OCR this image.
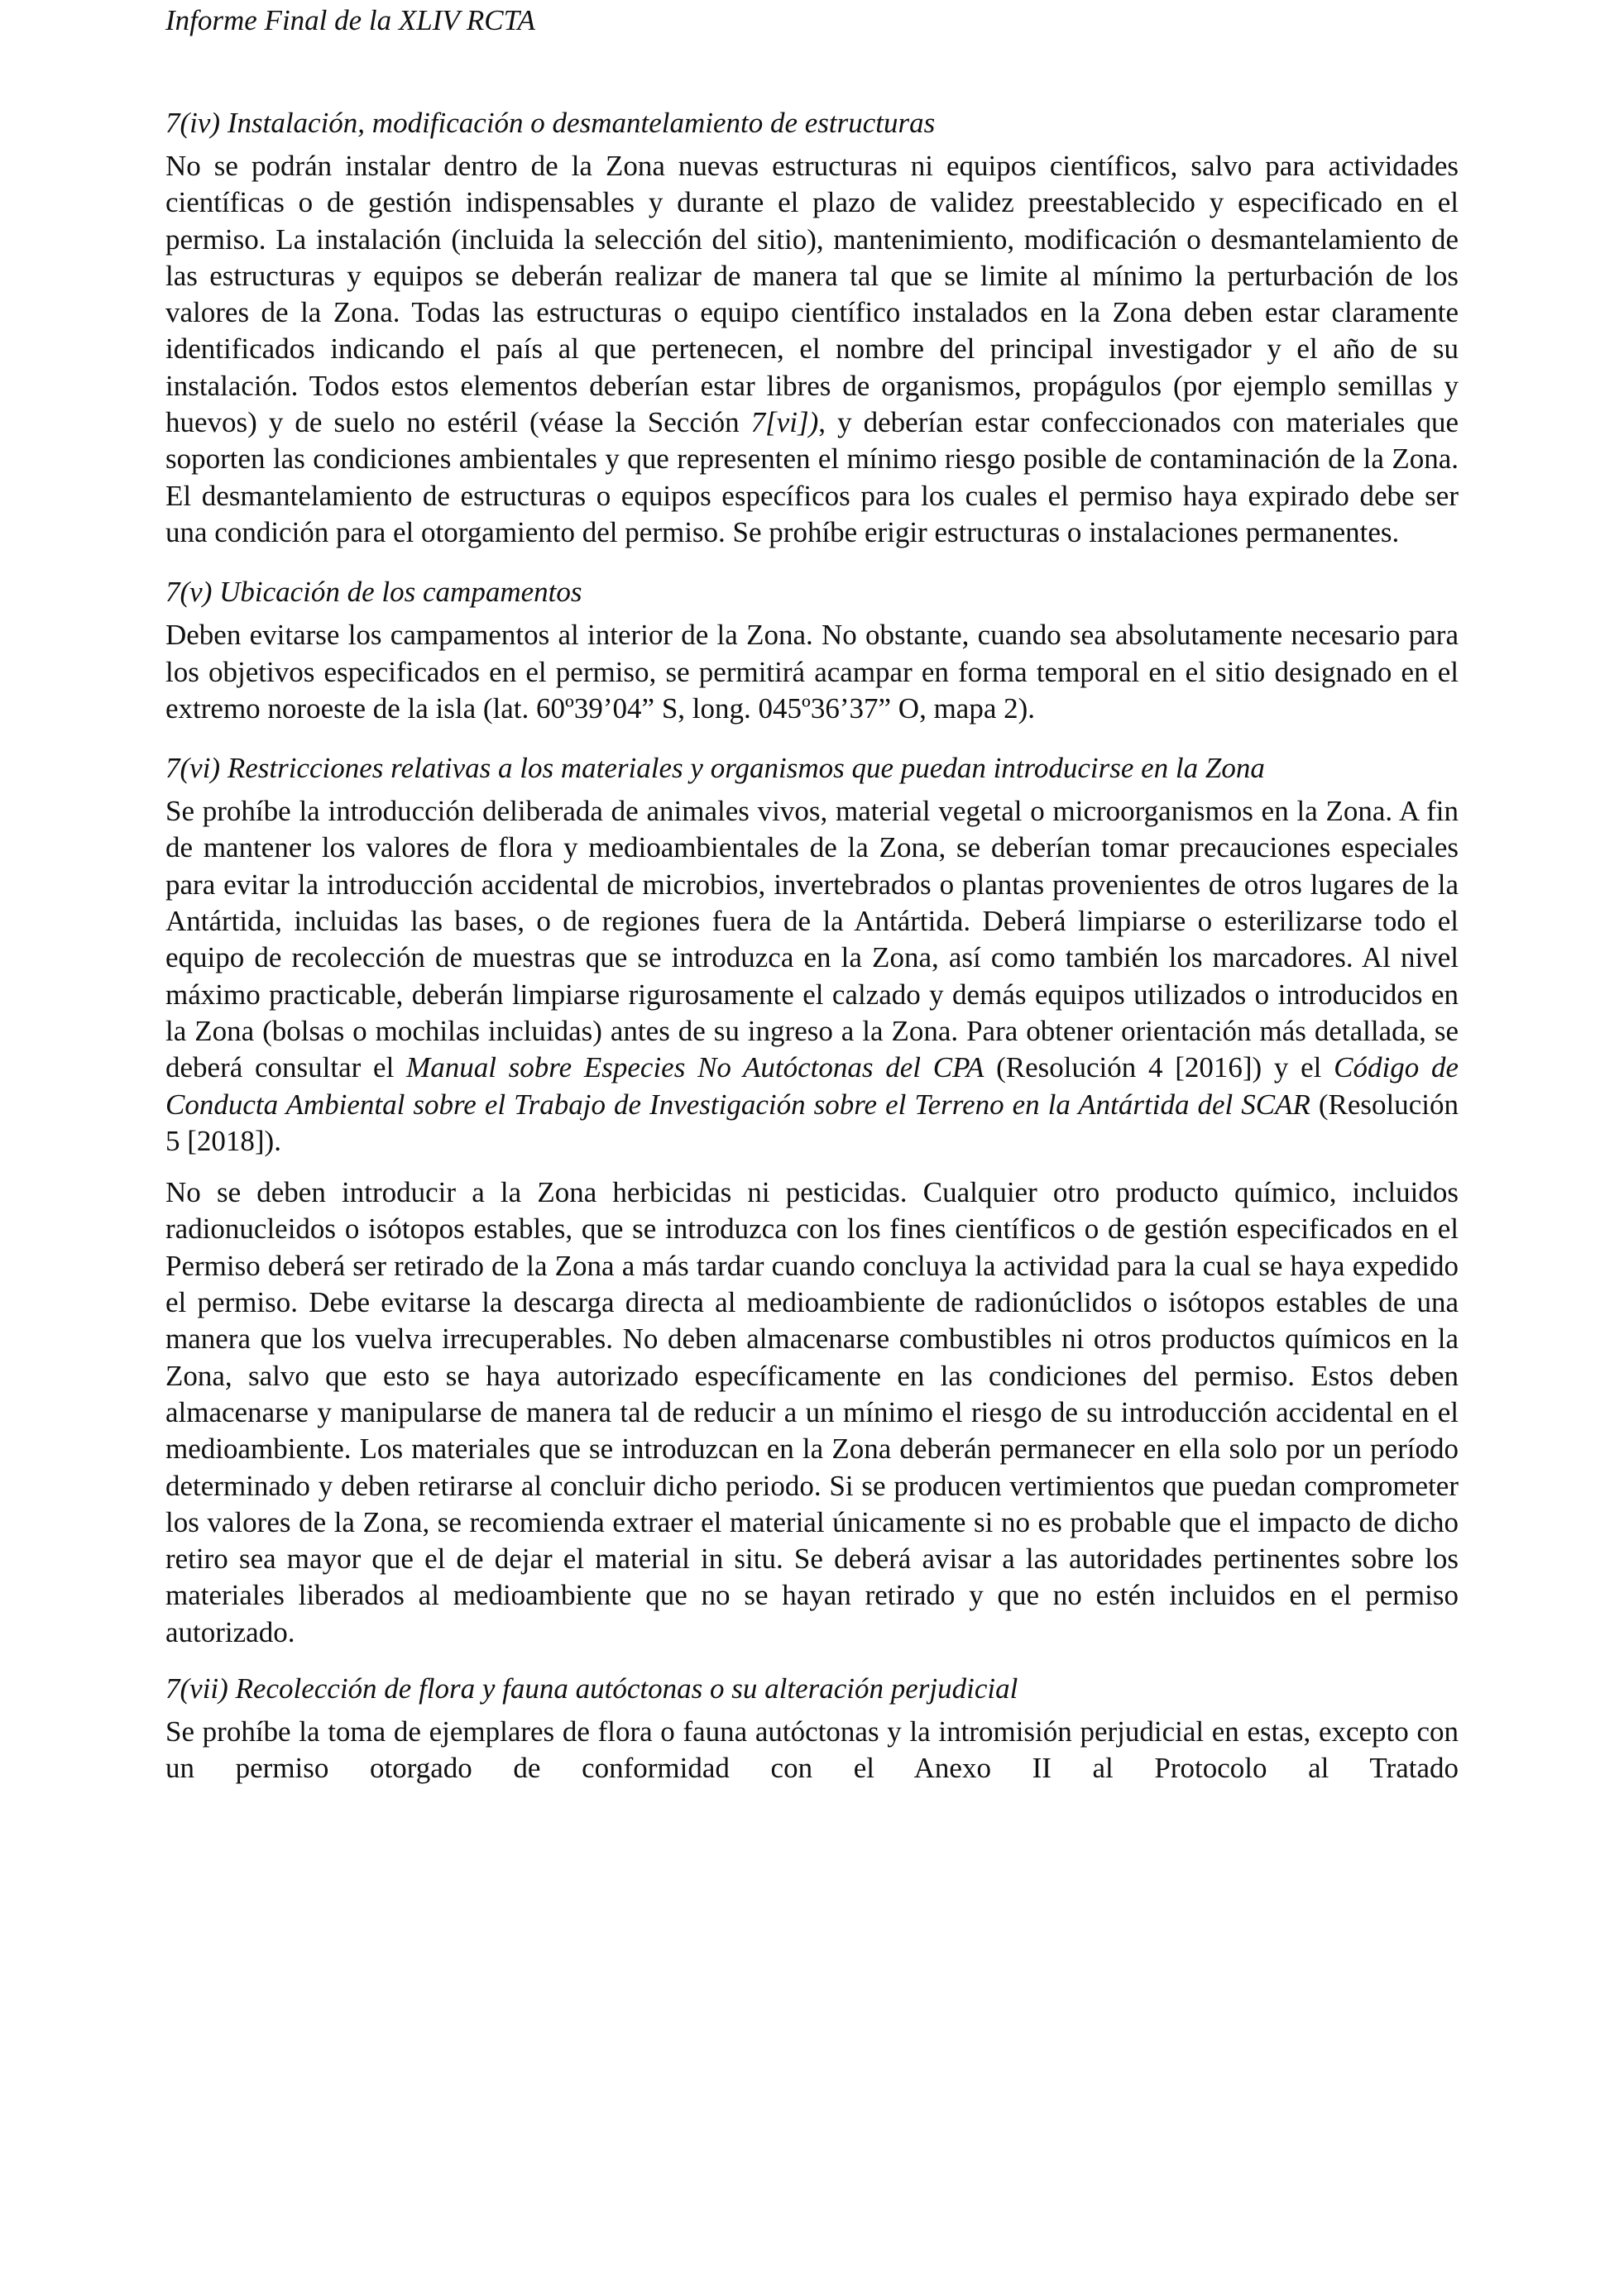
Informe Final de la XLIV RCTA
7(iv) Instalación, modificación o desmantelamiento de estructuras
No se podrán instalar dentro de la Zona nuevas estructuras ni equipos científicos, salvo para actividades científicas o de gestión indispensables y durante el plazo de validez preestablecido y especificado en el permiso. La instalación (incluida la selección del sitio), mantenimiento, modificación o desmantelamiento de las estructuras y equipos se deberán realizar de manera tal que se limite al mínimo la perturbación de los valores de la Zona. Todas las estructuras o equipo científico instalados en la Zona deben estar claramente identificados indicando el país al que pertenecen, el nombre del principal investigador y el año de su instalación. Todos estos elementos deberían estar libres de organismos, propágulos (por ejemplo semillas y huevos) y de suelo no estéril (véase la Sección 7[vi]), y deberían estar confeccionados con materiales que soporten las condiciones ambientales y que representen el mínimo riesgo posible de contaminación de la Zona. El desmantelamiento de estructuras o equipos específicos para los cuales el permiso haya expirado debe ser una condición para el otorgamiento del permiso. Se prohíbe erigir estructuras o instalaciones permanentes.
7(v) Ubicación de los campamentos
Deben evitarse los campamentos al interior de la Zona. No obstante, cuando sea absolutamente necesario para los objetivos especificados en el permiso, se permitirá acampar en forma temporal en el sitio designado en el extremo noroeste de la isla (lat. 60º39’04” S, long. 045º36’37” O, mapa 2).
7(vi) Restricciones relativas a los materiales y organismos que puedan introducirse en la Zona
Se prohíbe la introducción deliberada de animales vivos, material vegetal o microorganismos en la Zona. A fin de mantener los valores de flora y medioambientales de la Zona, se deberían tomar precauciones especiales para evitar la introducción accidental de microbios, invertebrados o plantas provenientes de otros lugares de la Antártida, incluidas las bases, o de regiones fuera de la Antártida. Deberá limpiarse o esterilizarse todo el equipo de recolección de muestras que se introduzca en la Zona, así como también los marcadores. Al nivel máximo practicable, deberán limpiarse rigurosamente el calzado y demás equipos utilizados o introducidos en la Zona (bolsas o mochilas incluidas) antes de su ingreso a la Zona. Para obtener orientación más detallada, se deberá consultar el Manual sobre Especies No Autóctonas del CPA (Resolución 4 [2016]) y el Código de Conducta Ambiental sobre el Trabajo de Investigación sobre el Terreno en la Antártida del SCAR (Resolución 5 [2018]).
No se deben introducir a la Zona herbicidas ni pesticidas. Cualquier otro producto químico, incluidos radionucleidos o isótopos estables, que se introduzca con los fines científicos o de gestión especificados en el Permiso deberá ser retirado de la Zona a más tardar cuando concluya la actividad para la cual se haya expedido el permiso. Debe evitarse la descarga directa al medioambiente de radionúclidos o isótopos estables de una manera que los vuelva irrecuperables. No deben almacenarse combustibles ni otros productos químicos en la Zona, salvo que esto se haya autorizado específicamente en las condiciones del permiso. Estos deben almacenarse y manipularse de manera tal de reducir a un mínimo el riesgo de su introducción accidental en el medioambiente. Los materiales que se introduzcan en la Zona deberán permanecer en ella solo por un período determinado y deben retirarse al concluir dicho periodo. Si se producen vertimientos que puedan comprometer los valores de la Zona, se recomienda extraer el material únicamente si no es probable que el impacto de dicho retiro sea mayor que el de dejar el material in situ. Se deberá avisar a las autoridades pertinentes sobre los materiales liberados al medioambiente que no se hayan retirado y que no estén incluidos en el permiso autorizado.
7(vii) Recolección de flora y fauna autóctonas o su alteración perjudicial
Se prohíbe la toma de ejemplares de flora o fauna autóctonas y la intromisión perjudicial en estas, excepto con un permiso otorgado de conformidad con el Anexo II al Protocolo al Tratado
